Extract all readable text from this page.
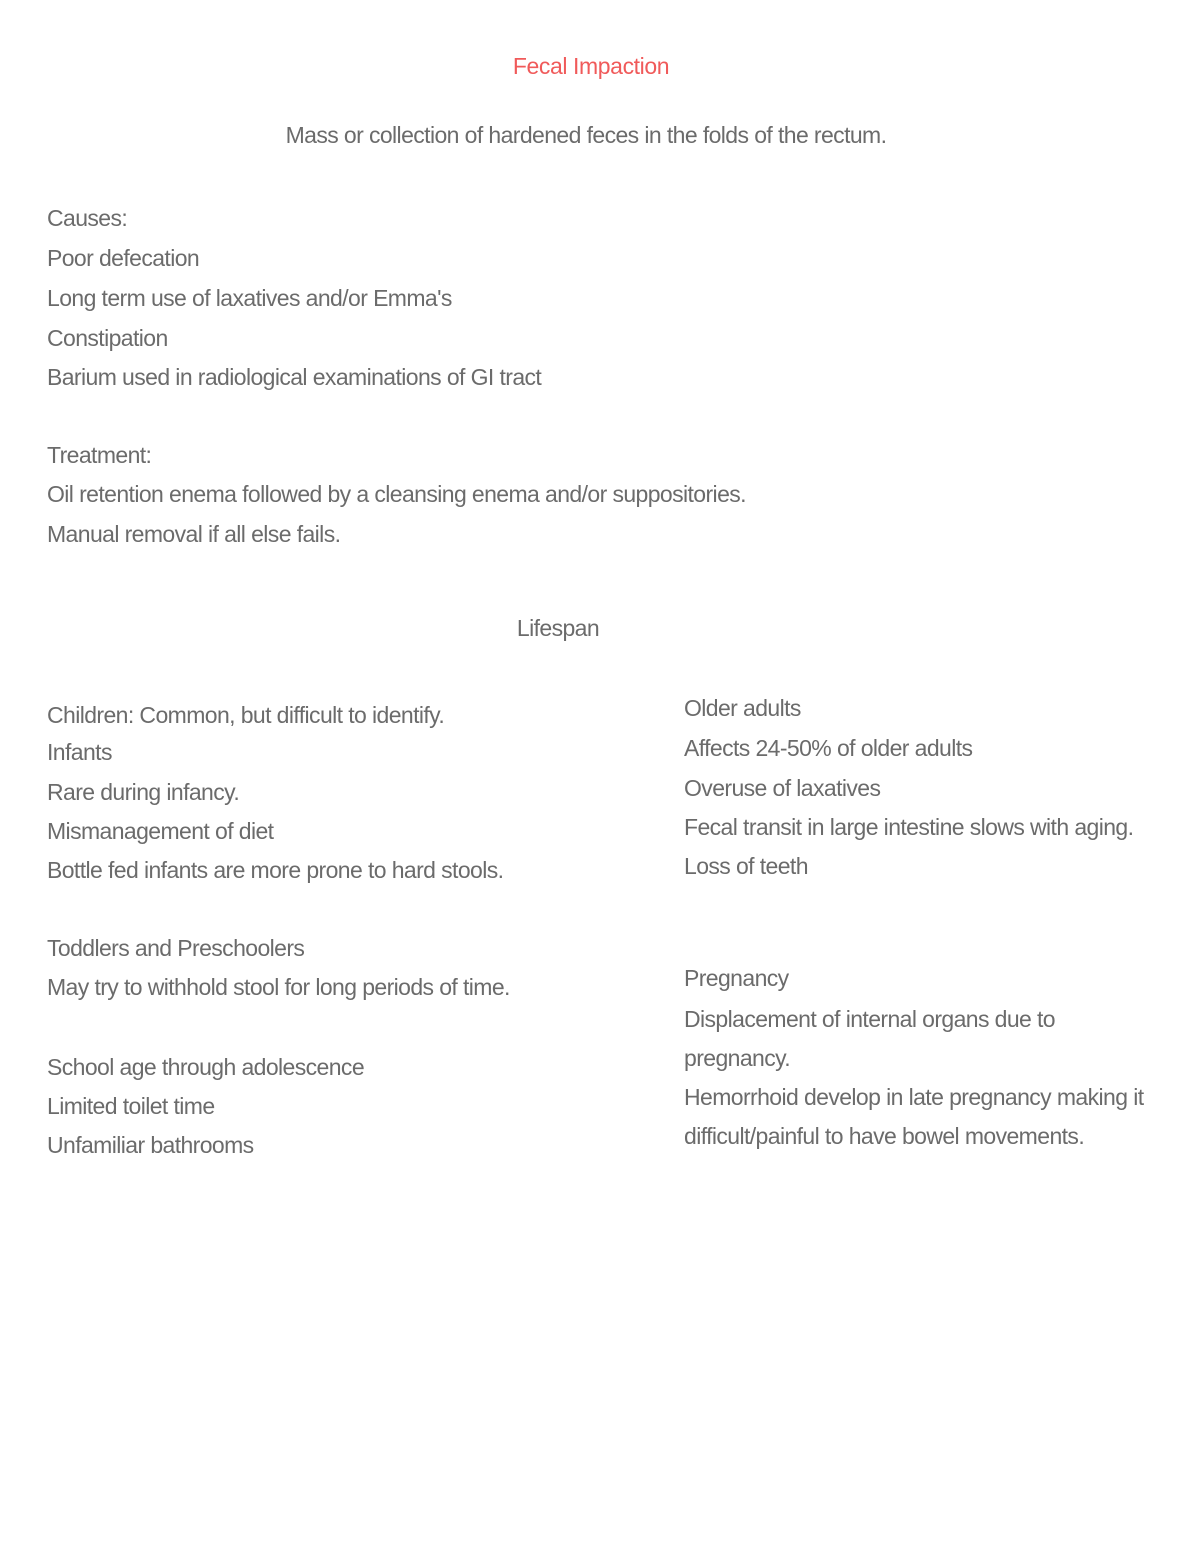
Fecal Impaction
Mass or collection of hardened feces in the folds of the rectum.
Causes:
Poor defecation
Long term use of laxatives and/or Emma's
Constipation
Barium used in radiological examinations of GI tract
Treatment:
Oil retention enema followed by a cleansing enema and/or suppositories.
Manual removal if all else fails.
Lifespan
Children: Common, but difficult to identify.
Infants
Rare during infancy.
Mismanagement of diet
Bottle fed infants are more prone to hard stools.
Toddlers and Preschoolers
May try to withhold stool for long periods of time.
School age through adolescence
Limited toilet time
Unfamiliar bathrooms
Older adults
Affects 24-50% of older adults
Overuse of laxatives
Fecal transit in large intestine slows with aging.
Loss of teeth
Pregnancy
Displacement of internal organs due to pregnancy.
Hemorrhoid develop in late pregnancy making it difficult/painful to have bowel movements.
